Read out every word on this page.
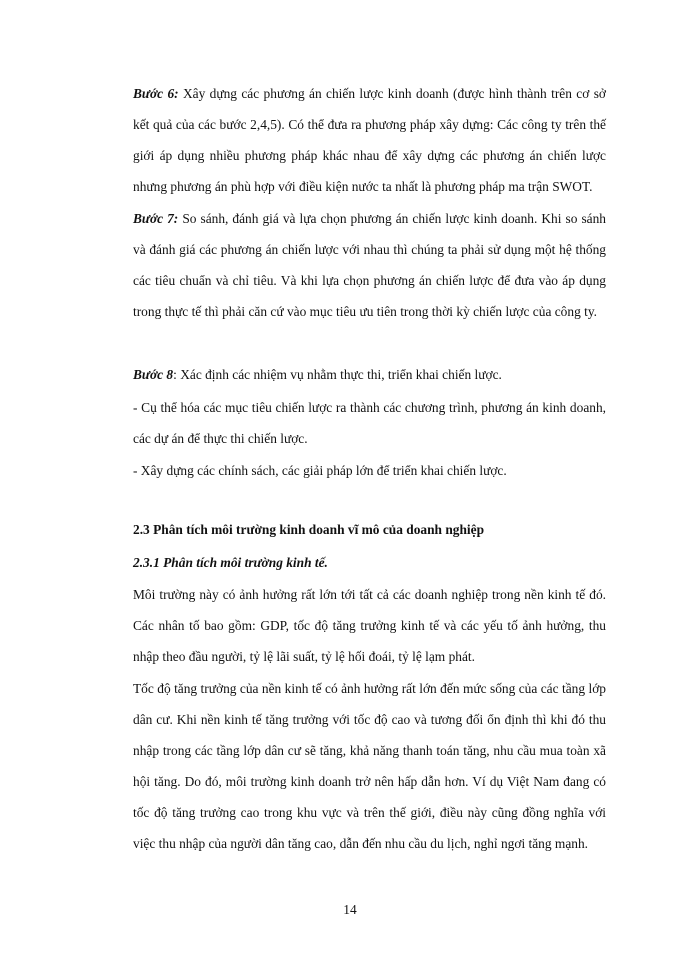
Bước 6: Xây dựng các phương án chiến lược kinh doanh (được hình thành trên cơ sở kết quả của các bước 2,4,5). Có thể đưa ra phương pháp xây dựng: Các công ty trên thế giới áp dụng nhiều phương pháp khác nhau để xây dựng các phương án chiến lược nhưng phương án phù hợp với điều kiện nước ta nhất là phương pháp ma trận SWOT.

Bước 7: So sánh, đánh giá và lựa chọn phương án chiến lược kinh doanh. Khi so sánh và đánh giá các phương án chiến lược với nhau thì chúng ta phải sử dụng một hệ thống các tiêu chuẩn và chỉ tiêu. Và khi lựa chọn phương án chiến lược để đưa vào áp dụng trong thực tế thì phải căn cứ vào mục tiêu ưu tiên trong thời kỳ chiến lược của công ty.

Bước 8: Xác định các nhiệm vụ nhằm thực thi, triển khai chiến lược.

- Cụ thể hóa các mục tiêu chiến lược ra thành các chương trình, phương án kinh doanh, các dự án để thực thi chiến lược.

- Xây dựng các chính sách, các giải pháp lớn để triển khai chiến lược.

2.3 Phân tích môi trường kinh doanh vĩ mô của doanh nghiệp

2.3.1 Phân tích môi trường kinh tế.

Môi trường này có ảnh hưởng rất lớn tới tất cả các doanh nghiệp trong nền kinh tế đó. Các nhân tố bao gồm: GDP, tốc độ tăng trưởng kinh tế và các yếu tố ảnh hưởng, thu nhập theo đầu người, tỷ lệ lãi suất, tỷ lệ hối đoái, tỷ lệ lạm phát.

Tốc độ tăng trưởng của nền kinh tế có ảnh hưởng rất lớn đến mức sống của các tầng lớp dân cư. Khi nền kinh tế tăng trưởng với tốc độ cao và tương đối ổn định thì khi đó thu nhập trong các tầng lớp dân cư sẽ tăng, khả năng thanh toán tăng, nhu cầu mua toàn xã hội tăng. Do đó, môi trường kinh doanh trở nên hấp dẫn hơn. Ví dụ Việt Nam đang có tốc độ tăng trưởng cao trong khu vực và trên thế giới, điều này cũng đồng nghĩa với việc thu nhập của người dân tăng cao, dẫn đến nhu cầu du lịch, nghỉ ngơi tăng mạnh.

14
